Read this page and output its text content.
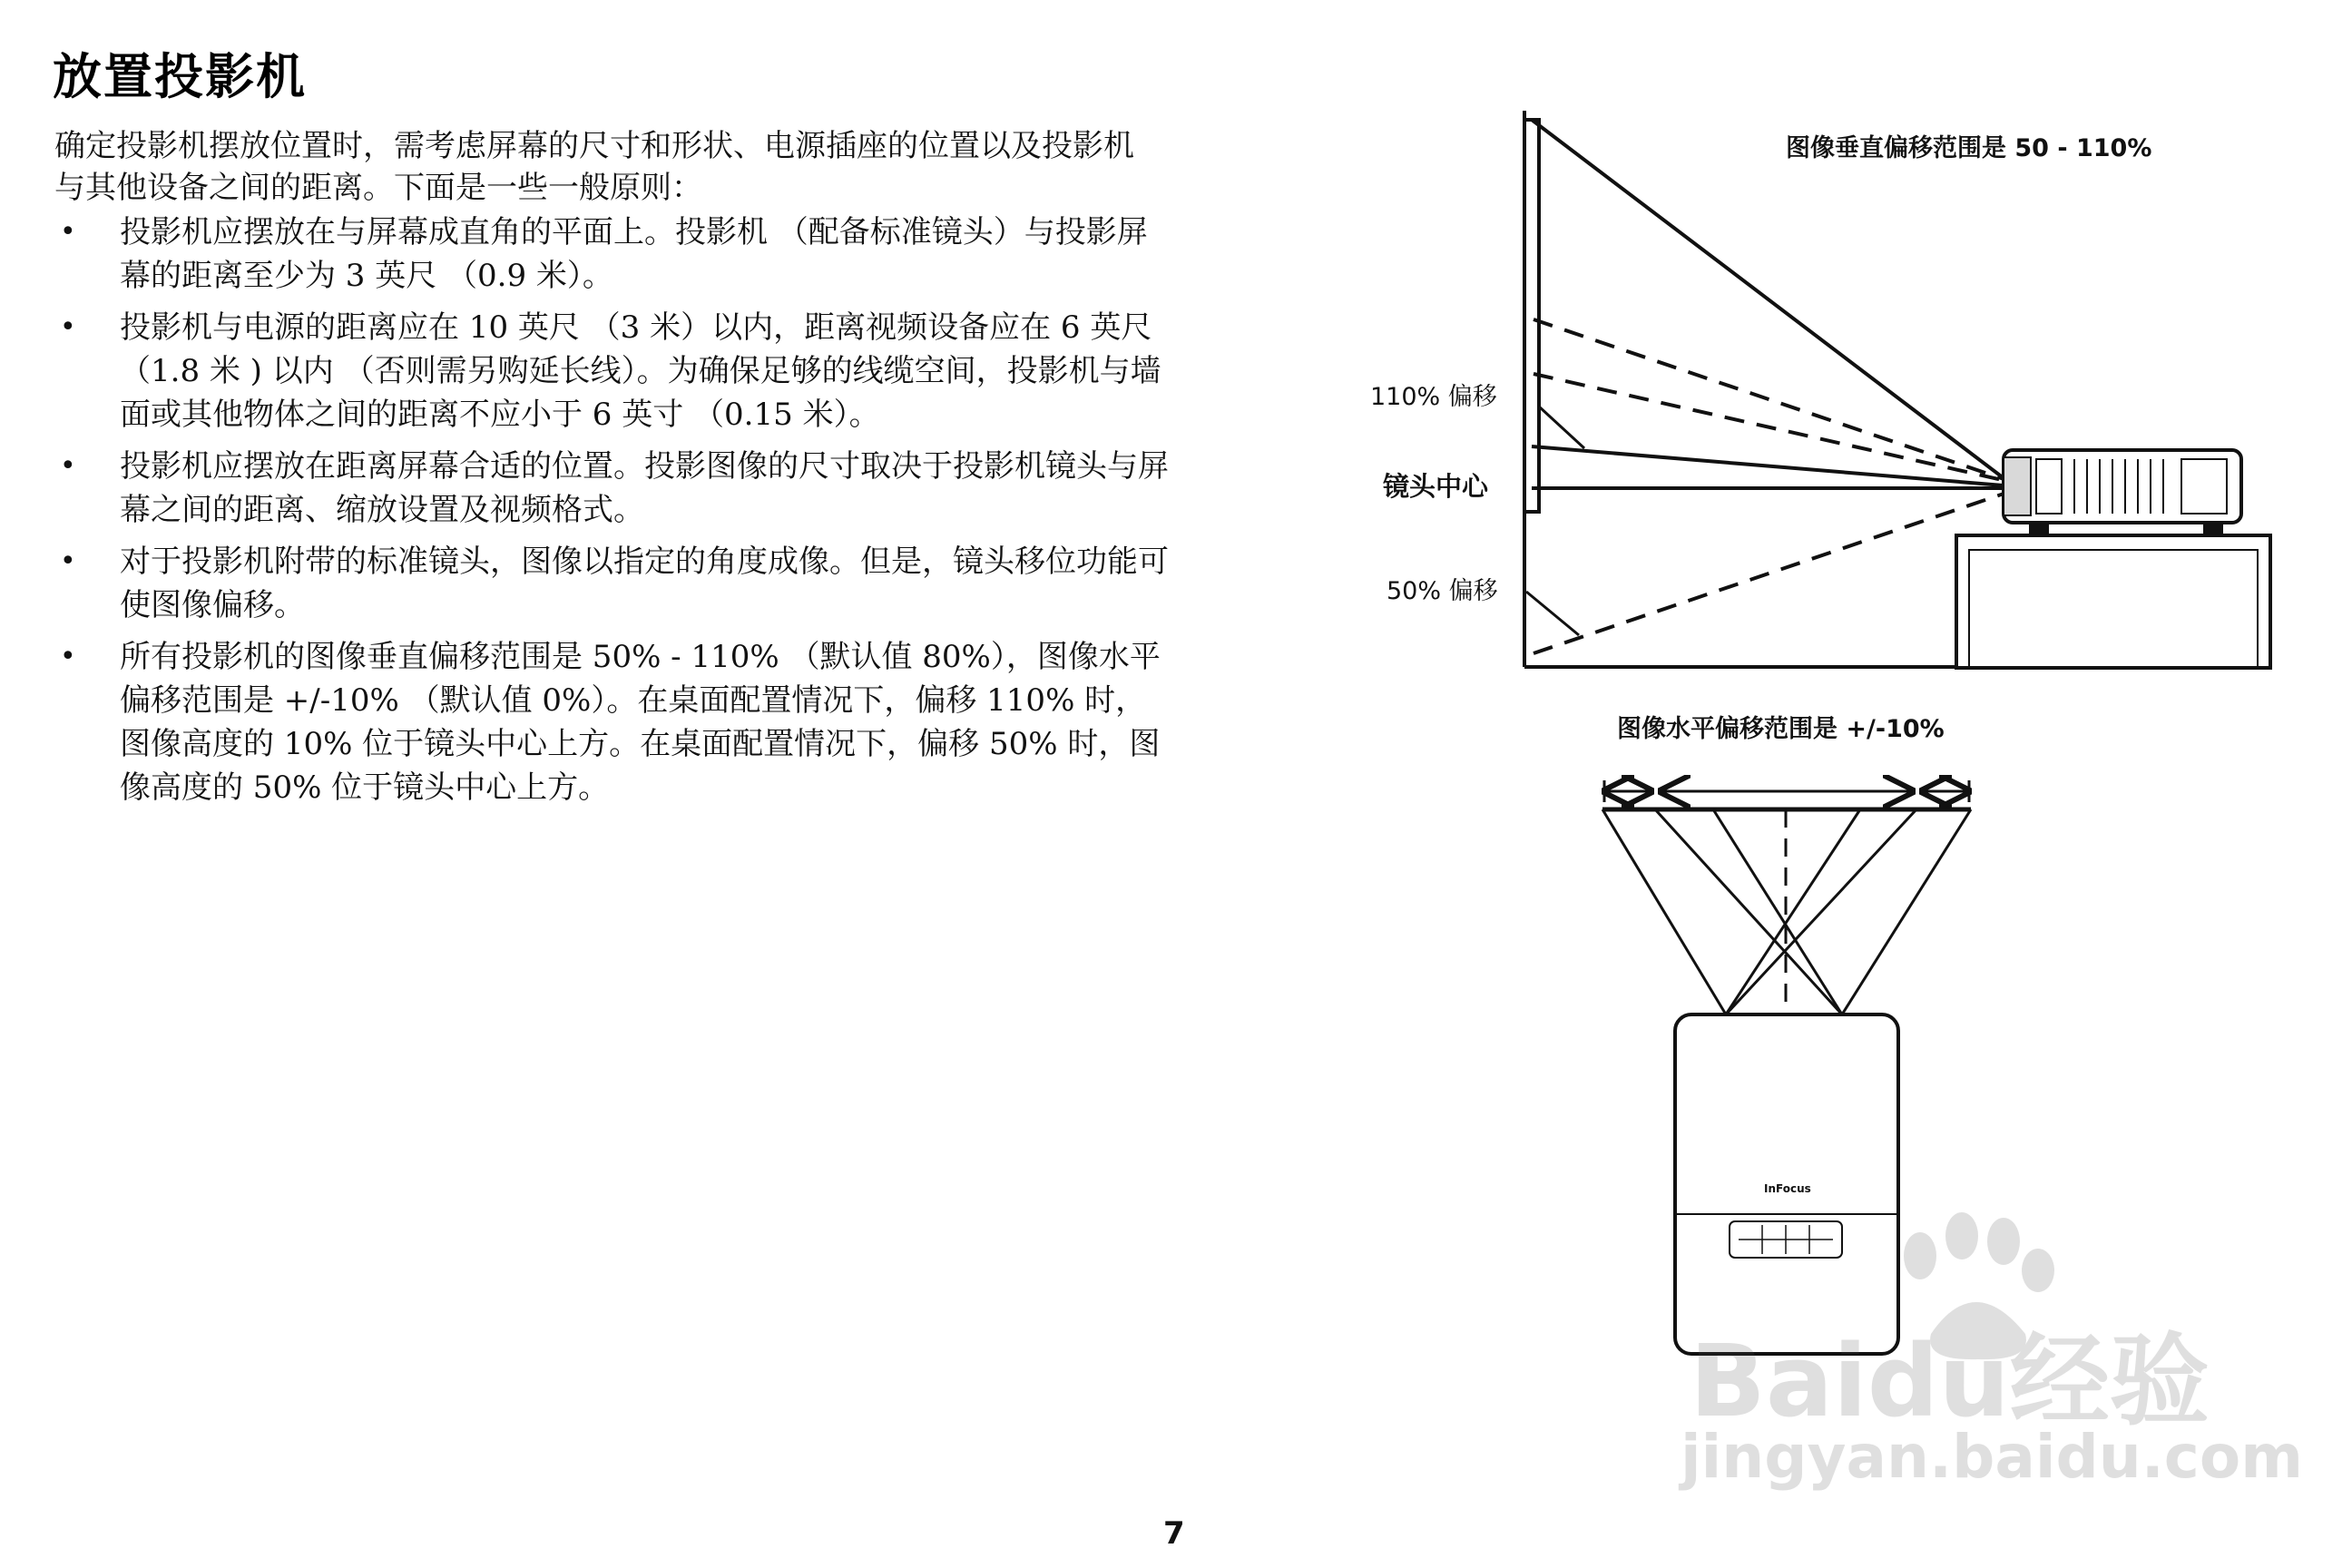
放置投影机

确定投影机摆放位置时，需考虑屏幕的尺寸和形状、电源插座的位置以及投影机与其他设备之间的距离。下面是一些一般原则：

• 投影机应摆放在与屏幕成直角的平面上。投影机 （配备标准镜头）与投影屏幕的距离至少为 3 英尺 （0.9 米）。
• 投影机与电源的距离应在 10 英尺 （3 米）以内，距离视频设备应在 6 英尺 （1.8 米 ) 以内 （否则需另购延长线）。为确保足够的线缆空间，投影机与墙面或其他物体之间的距离不应小于 6 英寸 （0.15 米）。
• 投影机应摆放在距离屏幕合适的位置。投影图像的尺寸取决于投影机镜头与屏幕之间的距离、缩放设置及视频格式。
• 对于投影机附带的标准镜头，图像以指定的角度成像。但是，镜头移位功能可使图像偏移。
• 所有投影机的图像垂直偏移范围是 50% - 110% （默认值 80%），图像水平偏移范围是 +/-10% （默认值 0%）。在桌面配置情况下，偏移 110% 时，图像高度的 10% 位于镜头中心上方。在桌面配置情况下，偏移 50% 时，图像高度的 50% 位于镜头中心上方。
图像垂直偏移范围是 50 - 110%
110% 偏移
镜头中心
50% 偏移
图像水平偏移范围是 +/-10%
InFocus
Baidu经验
jingyan.baidu.com
7
